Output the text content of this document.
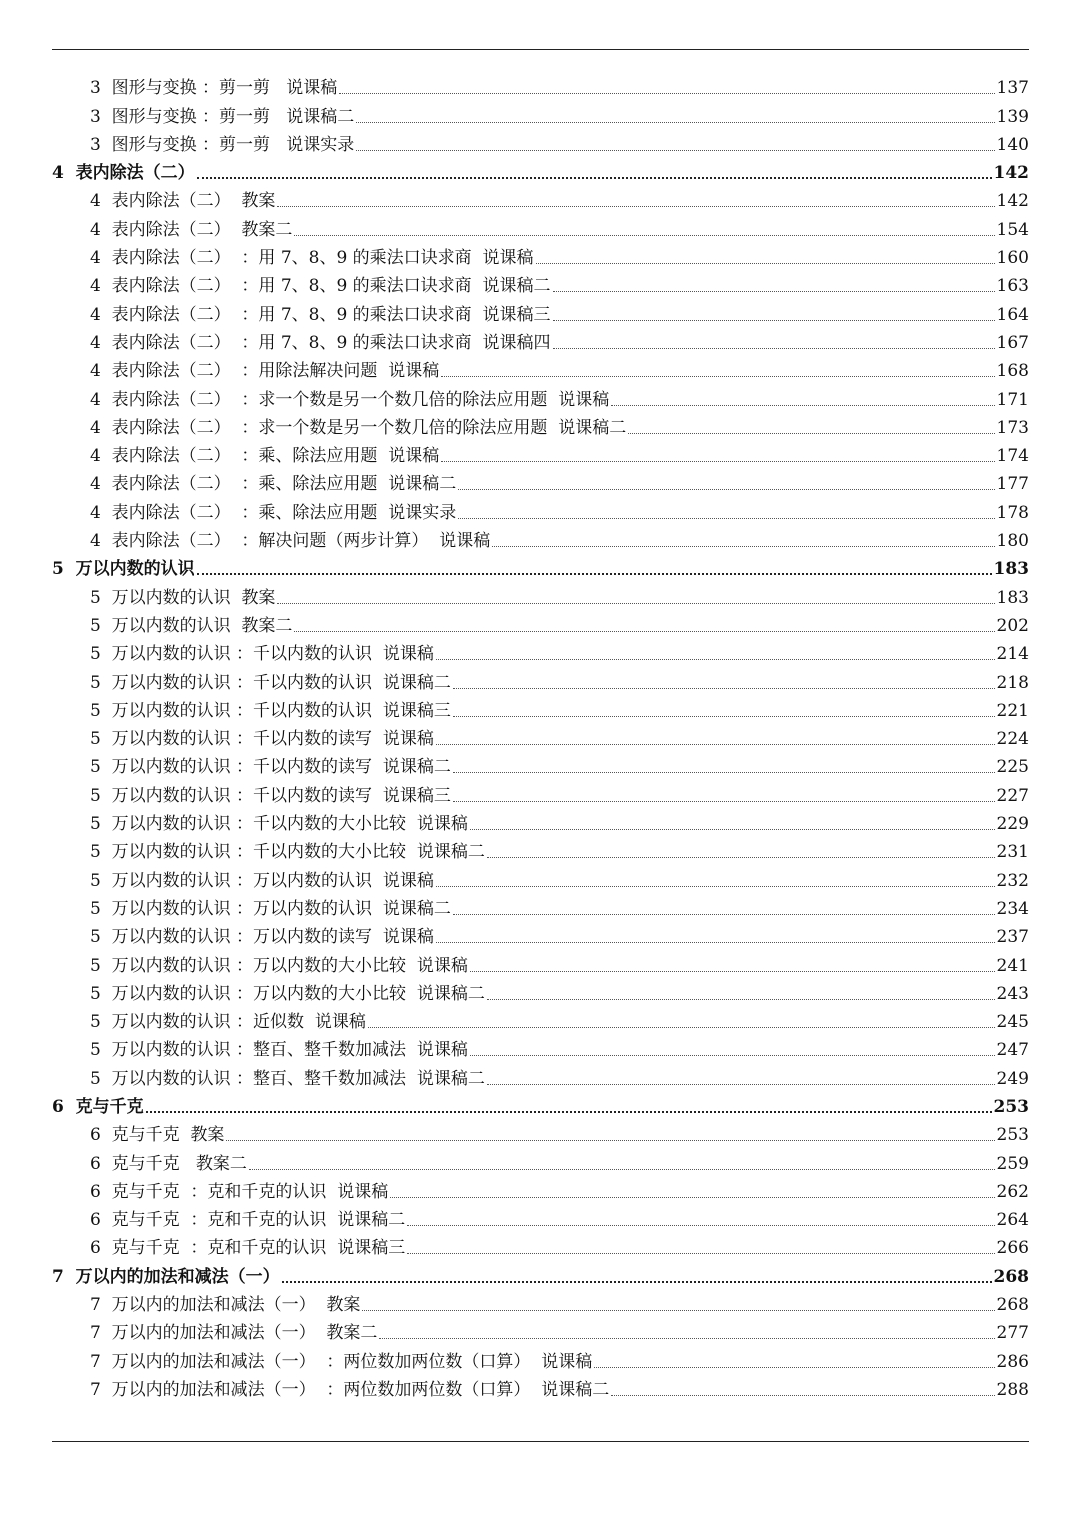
3  图形与变换 ：剪一剪   说课稿	137
3  图形与变换 ：剪一剪   说课稿二	139
3  图形与变换 ：剪一剪   说课实录	140
4  表内除法（二）	142
4  表内除法（二）  教案	142
4  表内除法（二）  教案二	154
4  表内除法（二）  ：用 7、8、9 的乘法口诀求商  说课稿	160
4  表内除法（二）  ：用 7、8、9 的乘法口诀求商  说课稿二	163
4  表内除法（二）  ：用 7、8、9 的乘法口诀求商  说课稿三	164
4  表内除法（二）  ：用 7、8、9 的乘法口诀求商  说课稿四	167
4  表内除法（二）  ：用除法解决问题  说课稿	168
4  表内除法（二）  ：求一个数是另一个数几倍的除法应用题  说课稿	171
4  表内除法（二）  ：求一个数是另一个数几倍的除法应用题  说课稿二	173
4  表内除法（二）  ：乘、除法应用题  说课稿	174
4  表内除法（二）  ：乘、除法应用题  说课稿二	177
4  表内除法（二）  ：乘、除法应用题  说课实录	178
4  表内除法（二）  ：解决问题（两步计算）  说课稿	180
5  万以内数的认识	183
5  万以内数的认识  教案	183
5  万以内数的认识  教案二	202
5  万以内数的认识 ：千以内数的认识  说课稿	214
5  万以内数的认识 ：千以内数的认识  说课稿二	218
5  万以内数的认识 ：千以内数的认识  说课稿三	221
5  万以内数的认识 ：千以内数的读写  说课稿	224
5  万以内数的认识 ：千以内数的读写  说课稿二	225
5  万以内数的认识 ：千以内数的读写  说课稿三	227
5  万以内数的认识 ：千以内数的大小比较  说课稿	229
5  万以内数的认识 ：千以内数的大小比较  说课稿二	231
5  万以内数的认识 ：万以内数的认识  说课稿	232
5  万以内数的认识 ：万以内数的认识  说课稿二	234
5  万以内数的认识 ：万以内数的读写  说课稿	237
5  万以内数的认识 ：万以内数的大小比较  说课稿	241
5  万以内数的认识 ：万以内数的大小比较  说课稿二	243
5  万以内数的认识 ：近似数  说课稿	245
5  万以内数的认识 ：整百、整千数加减法  说课稿	247
5  万以内数的认识 ：整百、整千数加减法  说课稿二	249
6  克与千克	253
6  克与千克  教案	253
6  克与千克   教案二	259
6  克与千克  ：克和千克的认识  说课稿	262
6  克与千克  ：克和千克的认识  说课稿二	264
6  克与千克  ：克和千克的认识  说课稿三	266
7  万以内的加法和减法（一）	268
7  万以内的加法和减法（一）  教案	268
7  万以内的加法和减法（一）  教案二	277
7  万以内的加法和减法（一）  ：两位数加两位数（口算）  说课稿	286
7  万以内的加法和减法（一）  ：两位数加两位数（口算）  说课稿二	288
